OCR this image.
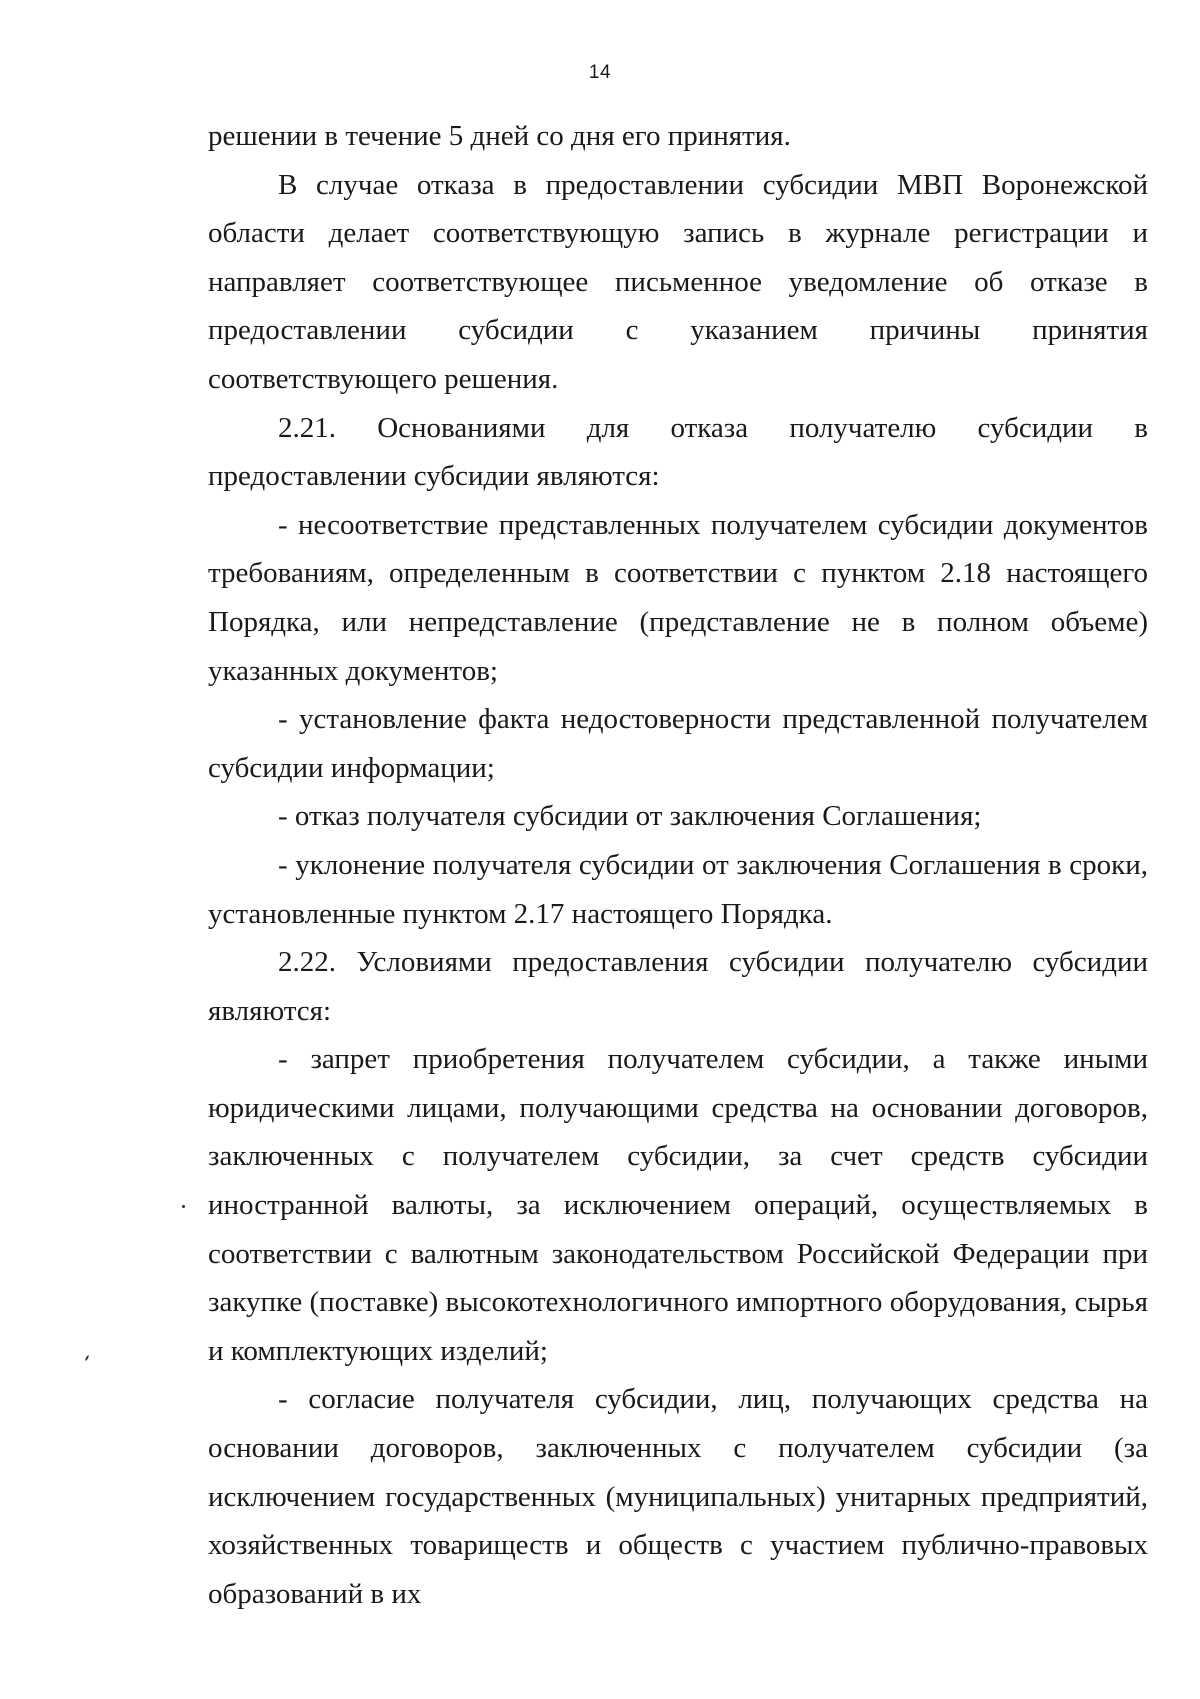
14

решении в течение 5 дней со дня его принятия.

В случае отказа в предоставлении субсидии МВП Воронежской области делает соответствующую запись в журнале регистрации и направляет соответствующее письменное уведомление об отказе в предоставлении субсидии с указанием причины принятия соответствующего решения.

2.21. Основаниями для отказа получателю субсидии в предоставлении субсидии являются:

- несоответствие представленных получателем субсидии документов требованиям, определенным в соответствии с пунктом 2.18 настоящего Порядка, или непредставление (представление не в полном объеме) указанных документов;

- установление факта недостоверности представленной получателем субсидии информации;

- отказ получателя субсидии от заключения Соглашения;

- уклонение получателя субсидии от заключения Соглашения в сроки, установленные пунктом 2.17 настоящего Порядка.

2.22. Условиями предоставления субсидии получателю субсидии являются:

- запрет приобретения получателем субсидии, а также иными юридическими лицами, получающими средства на основании договоров, заключенных с получателем субсидии, за счет средств субсидии иностранной валюты, за исключением операций, осуществляемых в соответствии с валютным законодательством Российской Федерации при закупке (поставке) высокотехнологичного импортного оборудования, сырья и комплектующих изделий;

- согласие получателя субсидии, лиц, получающих средства на основании договоров, заключенных с получателем субсидии (за исключением государственных (муниципальных) унитарных предприятий, хозяйственных товариществ и обществ с участием публично-правовых образований в их
